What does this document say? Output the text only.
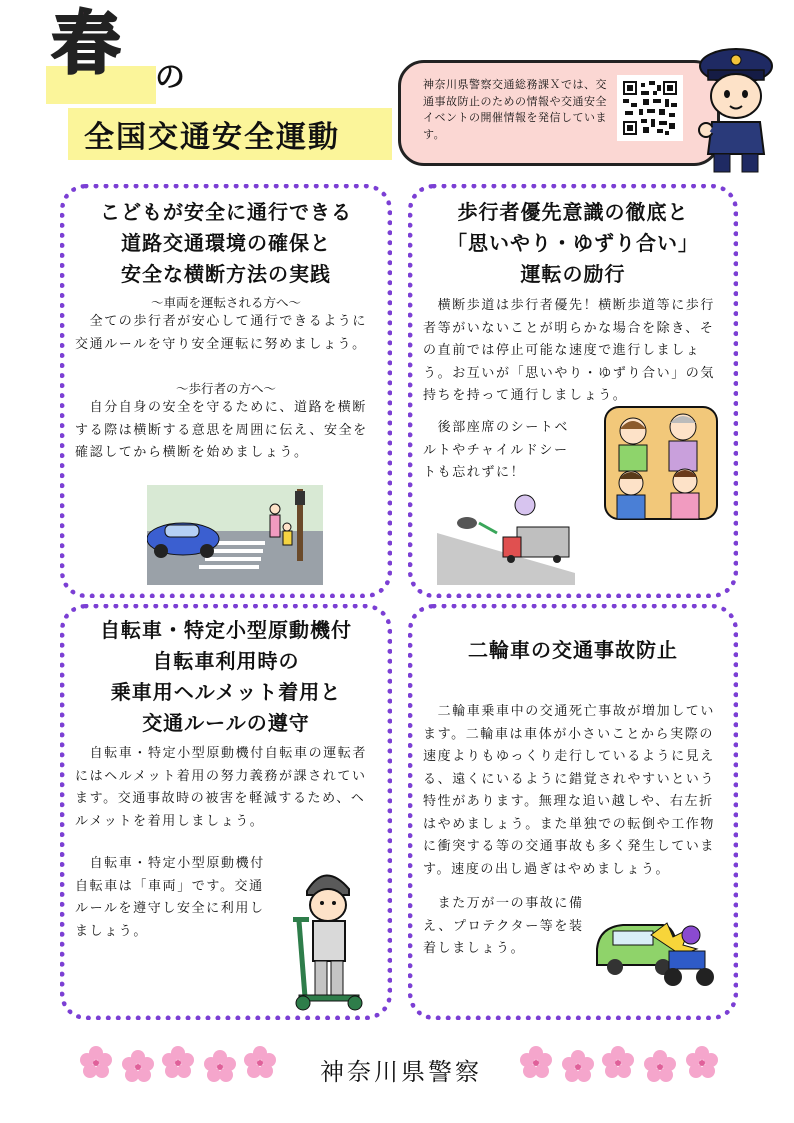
春 の
全国交通安全運動
神奈川県警察交通総務課Ｘでは、交通事故防止のための情報や交通安全イベントの開催情報を発信しています。
こどもが安全に通行できる
道路交通環境の確保と
安全な横断方法の実践
～車両を運転される方へ～
　全ての歩行者が安心して通行できるように交通ルールを守り安全運転に努めましょう。
～歩行者の方へ～
　自分自身の安全を守るために、道路を横断する際は横断する意思を周囲に伝え、安全を確認してから横断を始めましょう。
歩行者優先意識の徹底と
「思いやり・ゆずり合い」
運転の励行
　横断歩道は歩行者優先！横断歩道等に歩行者等がいないことが明らかな場合を除き、その直前では停止可能な速度で進行しましょう。お互いが「思いやり・ゆずり合い」の気持ちを持って通行しましょう。
　後部座席のシートベルトやチャイルドシートも忘れずに！
自転車・特定小型原動機付
自転車利用時の
乗車用ヘルメット着用と
交通ルールの遵守
　自転車・特定小型原動機付自転車の運転者にはヘルメット着用の努力義務が課されています。交通事故時の被害を軽減するため、ヘルメットを着用しましょう。
　自転車・特定小型原動機付自転車は「車両」です。交通ルールを遵守し安全に利用しましょう。
二輪車の交通事故防止
　二輪車乗車中の交通死亡事故が増加しています。二輪車は車体が小さいことから実際の速度よりもゆっくり走行しているように見える、遠くにいるように錯覚されやすいという特性があります。無理な追い越しや、右左折はやめましょう。また単独での転倒や工作物に衝突する等の交通事故も多く発生しています。速度の出し過ぎはやめましょう。
　また万が一の事故に備え、プロテクター等を装着しましょう。
神奈川県警察
